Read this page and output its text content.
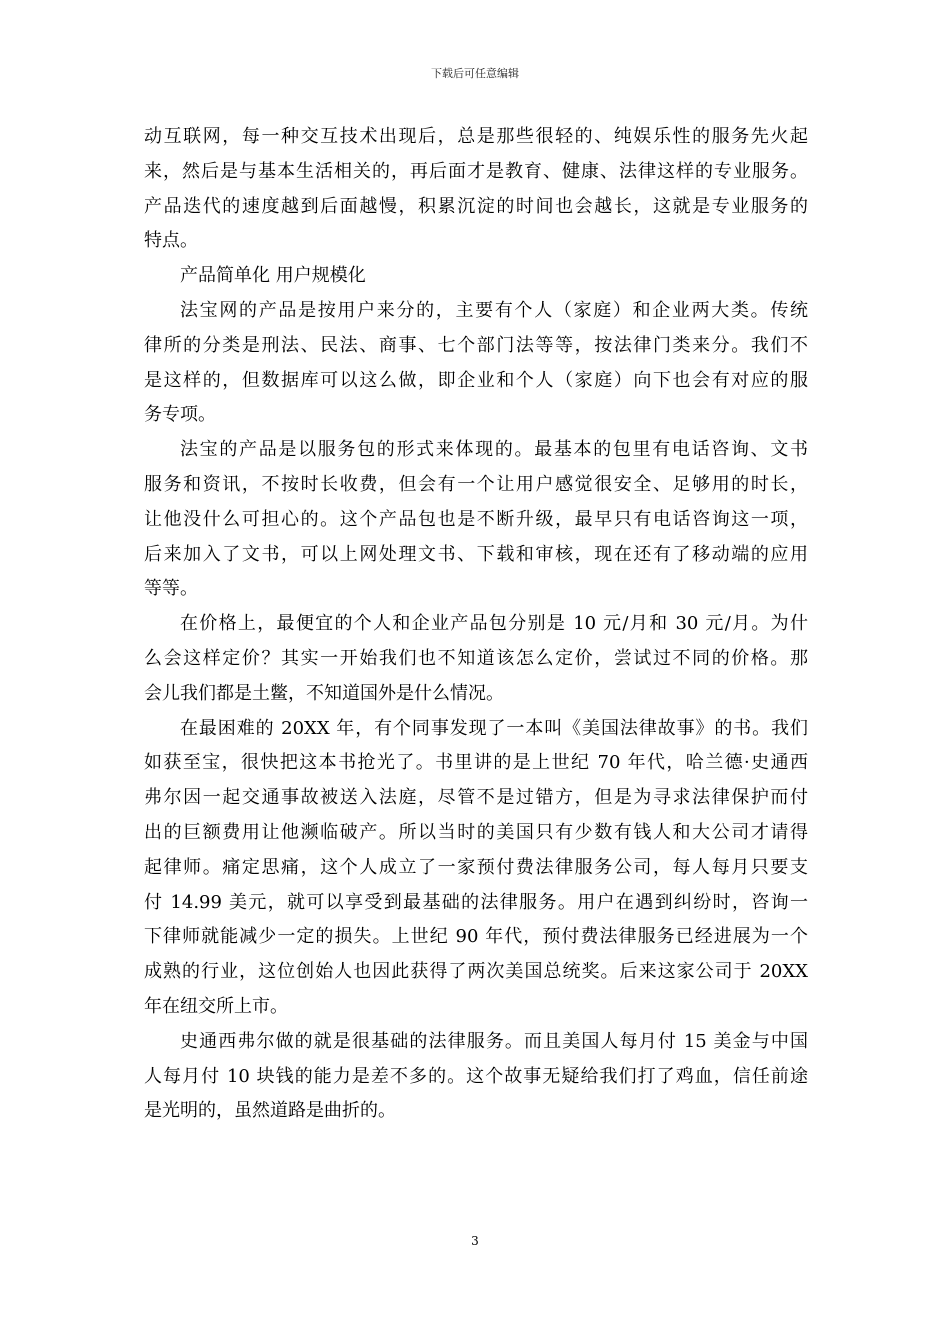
下载后可任意编辑
动互联网，每一种交互技术出现后，总是那些很轻的、纯娱乐性的服务先火起
来，然后是与基本生活相关的，再后面才是教育、健康、法律这样的专业服务。
产品迭代的速度越到后面越慢，积累沉淀的时间也会越长，这就是专业服务的
特点。
产品简单化 用户规模化
法宝网的产品是按用户来分的，主要有个人（家庭）和企业两大类。传统
律所的分类是刑法、民法、商事、七个部门法等等，按法律门类来分。我们不
是这样的，但数据库可以这么做，即企业和个人（家庭）向下也会有对应的服
务专项。
法宝的产品是以服务包的形式来体现的。最基本的包里有电话咨询、文书
服务和资讯，不按时长收费，但会有一个让用户感觉很安全、足够用的时长，
让他没什么可担心的。这个产品包也是不断升级，最早只有电话咨询这一项，
后来加入了文书，可以上网处理文书、下载和审核，现在还有了移动端的应用
等等。
在价格上，最便宜的个人和企业产品包分别是 10 元/月和 30 元/月。为什
么会这样定价？其实一开始我们也不知道该怎么定价，尝试过不同的价格。那
会儿我们都是土鳖，不知道国外是什么情况。
在最困难的 20XX 年，有个同事发现了一本叫《美国法律故事》的书。我们
如获至宝，很快把这本书抢光了。书里讲的是上世纪 70 年代，哈兰德·史通西
弗尔因一起交通事故被送入法庭，尽管不是过错方，但是为寻求法律保护而付
出的巨额费用让他濒临破产。所以当时的美国只有少数有钱人和大公司才请得
起律师。痛定思痛，这个人成立了一家预付费法律服务公司，每人每月只要支
付 14.99 美元，就可以享受到最基础的法律服务。用户在遇到纠纷时，咨询一
下律师就能减少一定的损失。上世纪 90 年代，预付费法律服务已经进展为一个
成熟的行业，这位创始人也因此获得了两次美国总统奖。后来这家公司于 20XX
年在纽交所上市。
史通西弗尔做的就是很基础的法律服务。而且美国人每月付 15 美金与中国
人每月付 10 块钱的能力是差不多的。这个故事无疑给我们打了鸡血，信任前途
是光明的，虽然道路是曲折的。
3
